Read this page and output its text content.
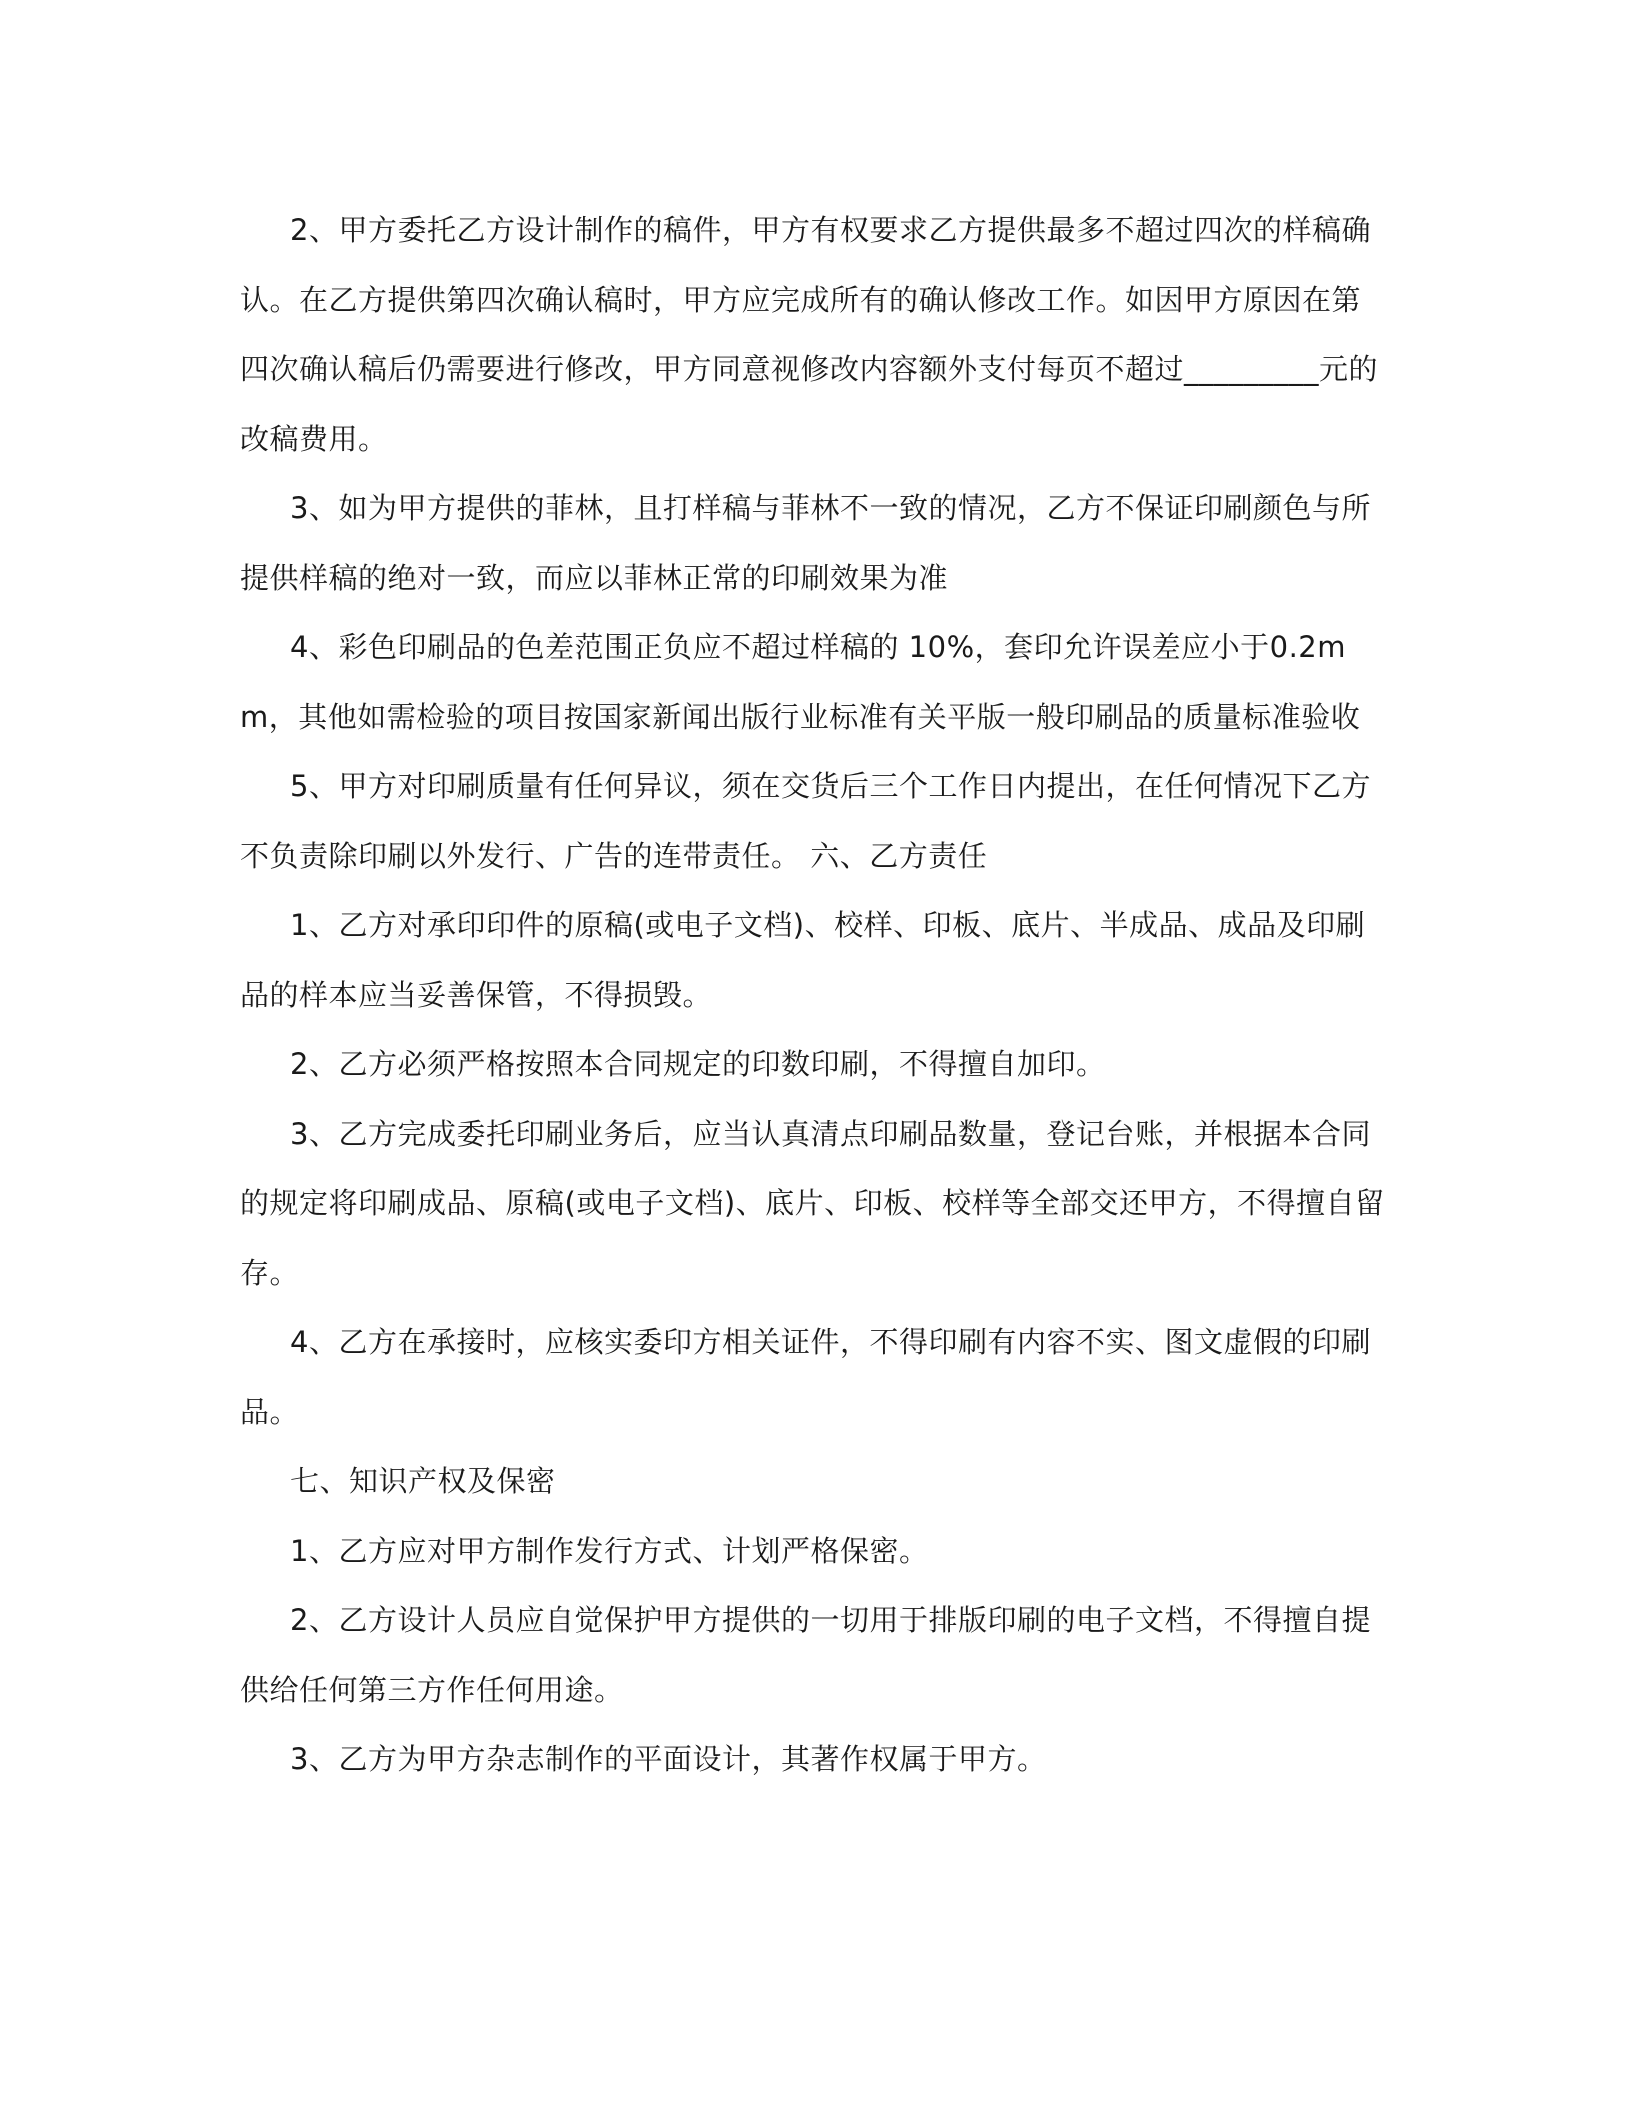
2、甲方委托乙方设计制作的稿件，甲方有权要求乙方提供最多不超过四次的样稿确认。在乙方提供第四次确认稿时，甲方应完成所有的确认修改工作。如因甲方原因在第四次确认稿后仍需要进行修改，甲方同意视修改内容额外支付每页不超过_________元的改稿费用。

3、如为甲方提供的菲林，且打样稿与菲林不一致的情况，乙方不保证印刷颜色与所提供样稿的绝对一致，而应以菲林正常的印刷效果为准

4、彩色印刷品的色差范围正负应不超过样稿的 10%，套印允许误差应小于0.2mm，其他如需检验的项目按国家新闻出版行业标准有关平版一般印刷品的质量标准验收

5、甲方对印刷质量有任何异议，须在交货后三个工作日内提出，在任何情况下乙方不负责除印刷以外发行、广告的连带责任。 六、乙方责任

1、乙方对承印印件的原稿(或电子文档)、校样、印板、底片、半成品、成品及印刷品的样本应当妥善保管，不得损毁。

2、乙方必须严格按照本合同规定的印数印刷，不得擅自加印。

3、乙方完成委托印刷业务后，应当认真清点印刷品数量，登记台账，并根据本合同的规定将印刷成品、原稿(或电子文档)、底片、印板、校样等全部交还甲方，不得擅自留存。

4、乙方在承接时，应核实委印方相关证件，不得印刷有内容不实、图文虚假的印刷品。

七、知识产权及保密

1、乙方应对甲方制作发行方式、计划严格保密。

2、乙方设计人员应自觉保护甲方提供的一切用于排版印刷的电子文档，不得擅自提供给任何第三方作任何用途。

3、乙方为甲方杂志制作的平面设计，其著作权属于甲方。
